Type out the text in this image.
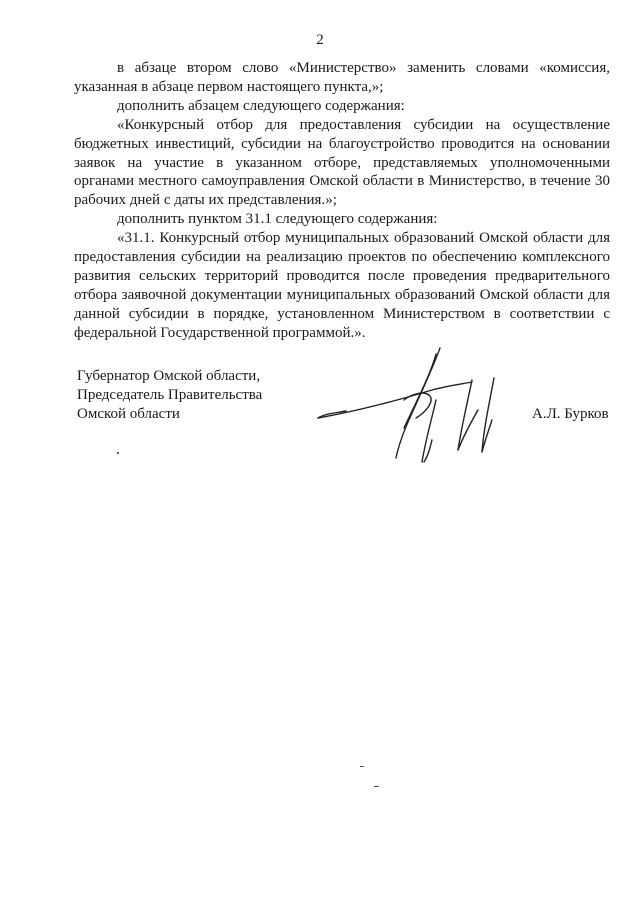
2

в абзаце втором слово «Министерство» заменить словами «комиссия, указанная в абзаце первом настоящего пункта,»;

дополнить абзацем следующего содержания:

«Конкурсный отбор для предоставления субсидии на осуществление бюджетных инвестиций, субсидии на благоустройство проводится на основании заявок на участие в указанном отборе, представляемых уполномоченными органами местного самоуправления Омской области в Министерство, в течение 30 рабочих дней с даты их представления.»;

дополнить пунктом 31.1 следующего содержания:

«31.1. Конкурсный отбор муниципальных образований Омской области для предоставления субсидии на реализацию проектов по обеспечению комплексного развития сельских территорий проводится после проведения предварительного отбора заявочной документации муниципальных образований Омской области для данной субсидии в порядке, установленном Министерством в соответствии с федеральной Государственной программой.».

Губернатор Омской области,
Председатель Правительства
Омской области	А.Л. Бурков
